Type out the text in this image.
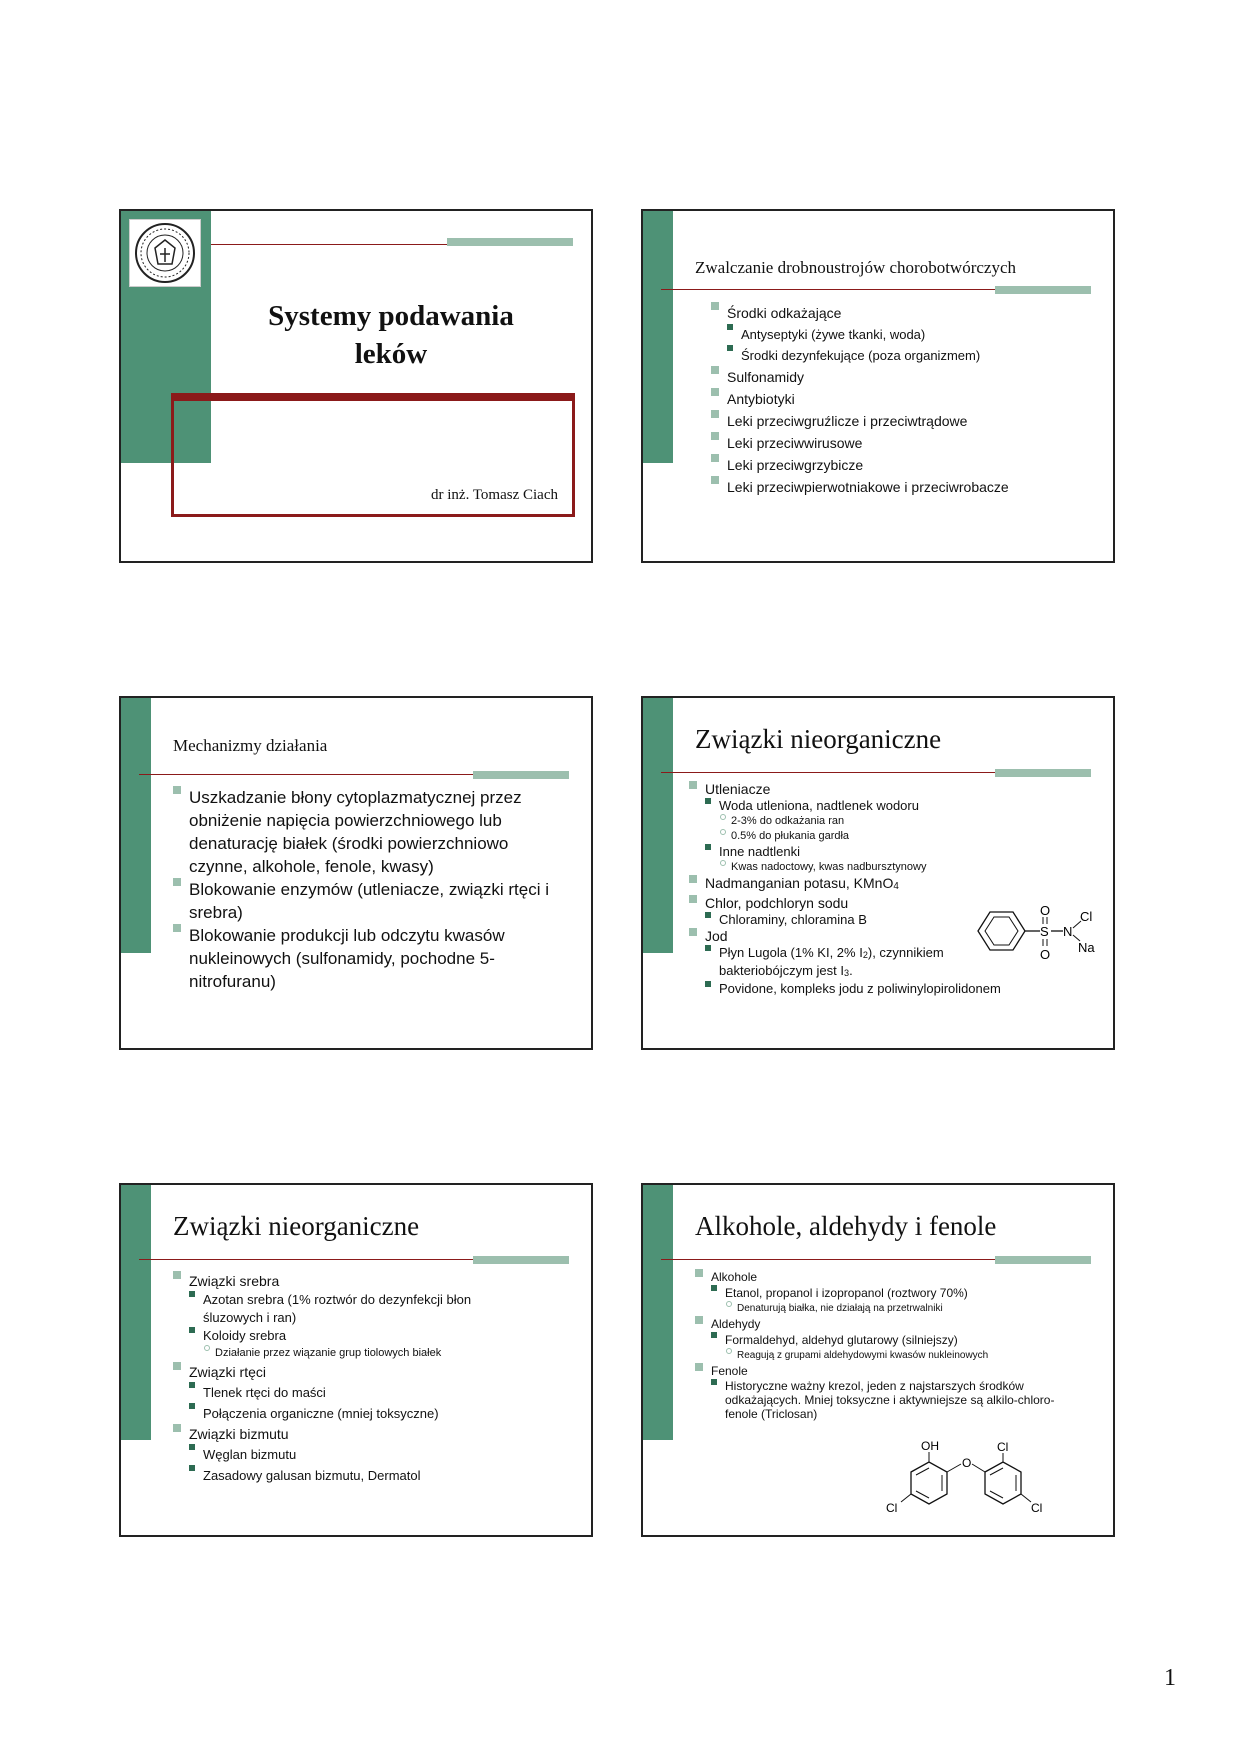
Systemy podawania
leków
dr inż. Tomasz Ciach
Zwalczanie drobnoustrojów chorobotwórczych
Środki odkażające
Antyseptyki (żywe tkanki, woda)
Środki dezynfekujące (poza organizmem)
Sulfonamidy
Antybiotyki
Leki przeciwgruźlicze i przeciwtrądowe
Leki przeciwwirusowe
Leki przeciwgrzybicze
Leki przeciwpierwotniakowe i przeciwrobacze
Mechanizmy działania
Uszkadzanie błony cytoplazmatycznej przez obniżenie napięcia powierzchniowego lub denaturację białek (środki powierzchniowo czynne, alkohole, fenole, kwasy)
Blokowanie enzymów (utleniacze, związki rtęci i srebra)
Blokowanie produkcji lub odczytu kwasów nukleinowych (sulfonamidy, pochodne 5-nitrofuranu)
Związki nieorganiczne
Utleniacze
Woda utleniona, nadtlenek wodoru
2-3% do odkażania ran
0.5% do płukania gardła
Inne nadtlenki
Kwas nadoctowy, kwas nadbursztynowy
Nadmanganian potasu, KMnO$_4$
Chlor, podchloryn sodu
Chloraminy, chloramina B
Jod
Płyn Lugola (1% KI, 2% $I_2$), czynnikiem bakteriobójczym jest $I_3$.
Povidone, kompleks jodu z poliwinylopirolidonem
S
O
O
N
Cl
Na
Związki nieorganiczne
Związki srebra
Azotan srebra (1% roztwór do dezynfekcji błon śluzowych i ran)
Koloidy srebra
Działanie przez wiązanie grup tiolowych białek
Związki rtęci
Tlenek rtęci do maści
Połączenia organiczne (mniej toksyczne)
Związki bizmutu
Węglan bizmutu
Zasadowy galusan bizmutu, Dermatol
Alkohole, aldehydy i fenole
Alkohole
Etanol, propanol i izopropanol (roztwory 70%)
Denaturują białka, nie działają na przetrwalniki
Aldehydy
Formaldehyd, aldehyd glutarowy (silniejszy)
Reagują z grupami aldehydowymi kwasów nukleinowych
Fenole
Historyczne ważny krezol, jeden z najstarszych środków odkażających. Mniej toksyczne i aktywniejsze są alkilo-chloro- fenole (Triclosan)
OH
O
Cl
Cl	Cl
1
